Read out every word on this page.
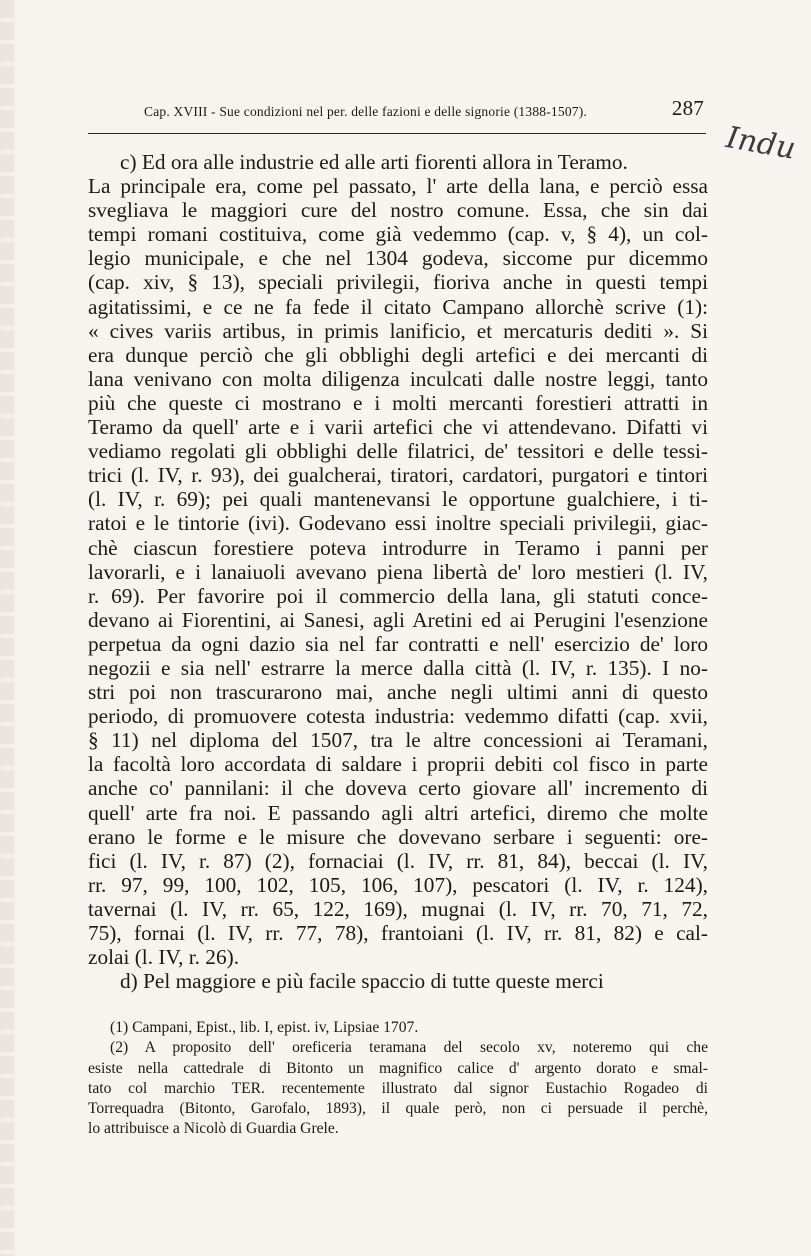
Cap. XVIII - Sue condizioni nel per. delle fazioni e delle signorie (1388-1507).	287
Indu
c) Ed ora alle industrie ed alle arti fiorenti allora in Teramo.
La principale era, come pel passato, l' arte della lana, e perciò essa
svegliava le maggiori cure del nostro comune. Essa, che sin dai
tempi romani costituiva, come già vedemmo (cap. v, § 4), un col-
legio municipale, e che nel 1304 godeva, siccome pur dicemmo
(cap. xiv, § 13), speciali privilegii, fioriva anche in questi tempi
agitatissimi, e ce ne fa fede il citato Campano allorchè scrive (1):
« cives variis artibus, in primis lanificio, et mercaturis dediti ». Si
era dunque perciò che gli obblighi degli artefici e dei mercanti di
lana venivano con molta diligenza inculcati dalle nostre leggi, tanto
più che queste ci mostrano e i molti mercanti forestieri attratti in
Teramo da quell' arte e i varii artefici che vi attendevano. Difatti vi
vediamo regolati gli obblighi delle filatrici, de' tessitori e delle tessi-
trici (l. IV, r. 93), dei gualcherai, tiratori, cardatori, purgatori e tintori
(l. IV, r. 69); pei quali mantenevansi le opportune gualchiere, i ti-
ratoi e le tintorie (ivi). Godevano essi inoltre speciali privilegii, giac-
chè ciascun forestiere poteva introdurre in Teramo i panni per
lavorarli, e i lanaiuoli avevano piena libertà de' loro mestieri (l. IV,
r. 69). Per favorire poi il commercio della lana, gli statuti conce-
devano ai Fiorentini, ai Sanesi, agli Aretini ed ai Perugini l'esenzione
perpetua da ogni dazio sia nel far contratti e nell' esercizio de' loro
negozii e sia nell' estrarre la merce dalla città (l. IV, r. 135). I no-
stri poi non trascurarono mai, anche negli ultimi anni di questo
periodo, di promuovere cotesta industria: vedemmo difatti (cap. xvii,
§ 11) nel diploma del 1507, tra le altre concessioni ai Teramani,
la facoltà loro accordata di saldare i proprii debiti col fisco in parte
anche co' pannilani: il che doveva certo giovare all' incremento di
quell' arte fra noi. E passando agli altri artefici, diremo che molte
erano le forme e le misure che dovevano serbare i seguenti: ore-
fici (l. IV, r. 87) (2), fornaciai (l. IV, rr. 81, 84), beccai (l. IV,
rr. 97, 99, 100, 102, 105, 106, 107), pescatori (l. IV, r. 124),
tavernai (l. IV, rr. 65, 122, 169), mugnai (l. IV, rr. 70, 71, 72,
75), fornai (l. IV, rr. 77, 78), frantoiani (l. IV, rr. 81, 82) e cal-
zolai (l. IV, r. 26).
d) Pel maggiore e più facile spaccio di tutte queste merci
(1) Campani, Epist., lib. I, epist. iv, Lipsiae 1707.
(2) A proposito dell' oreficeria teramana del secolo xv, noteremo qui che
esiste nella cattedrale di Bitonto un magnifico calice d' argento dorato e smal-
tato col marchio TER. recentemente illustrato dal signor Eustachio Rogadeo di
Torrequadra (Bitonto, Garofalo, 1893), il quale però, non ci persuade il perchè,
lo attribuisce a Nicolò di Guardia Grele.
